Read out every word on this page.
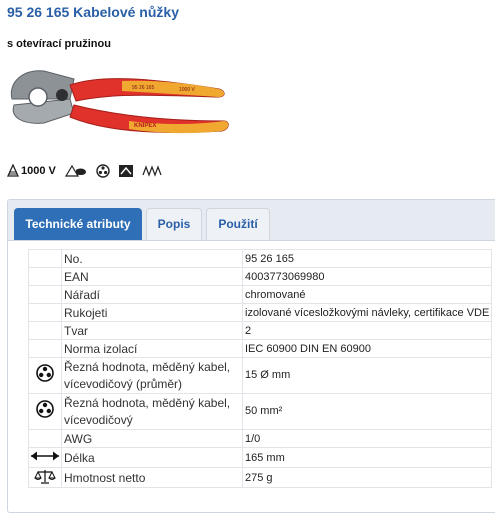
95 26 165 Kabelové nůžky
s otevírací pružinou
KNIPEX
95 26 165	1000 V
1000 V
Technické atributy	Popis	Použití
	No.	95 26 165
	EAN	4003773069980
	Nářadí	chromované
	Rukojeti	izolované vícesložkovými návleky, certifikace VDE
	Tvar	2
	Norma izolací	IEC 60900 DIN EN 60900
	Řezná hodnota, měděný kabel, vícevodičový (průměr)	15 Ø mm
	Řezná hodnota, měděný kabel, vícevodičový	50 mm²
	AWG	1/0
	Délka	165 mm
	Hmotnost netto	275 g
